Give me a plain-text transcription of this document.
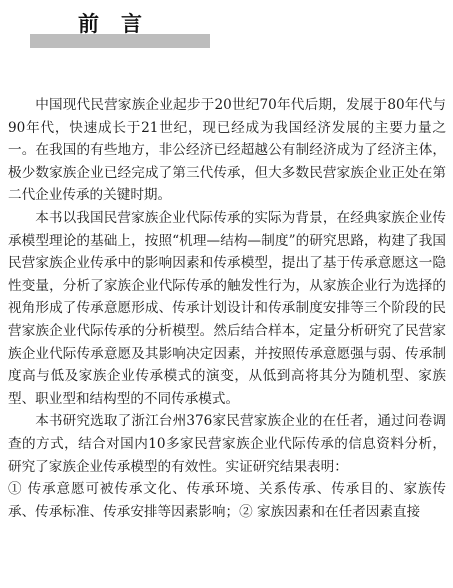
前言

中国现代民营家族企业起步于20世纪70年代后期，发展于80年代与90年代，快速成长于21世纪，现已经成为我国经济发展的主要力量之一。在我国的有些地方，非公经济已经超越公有制经济成为了经济主体，极少数家族企业已经完成了第三代传承，但大多数民营家族企业正处在第二代企业传承的关键时期。

本书以我国民营家族企业代际传承的实际为背景，在经典家族企业传承模型理论的基础上，按照“机理—结构—制度”的研究思路，构建了我国民营家族企业传承中的影响因素和传承模型，提出了基于传承意愿这一隐性变量，分析了家族企业代际传承的触发性行为，从家族企业行为选择的视角形成了传承意愿形成、传承计划设计和传承制度安排等三个阶段的民营家族企业代际传承的分析模型。然后结合样本，定量分析研究了民营家族企业代际传承意愿及其影响决定因素，并按照传承意愿强与弱、传承制度高与低及家族企业传承模式的演变，从低到高将其分为随机型、家族型、职业型和结构型的不同传承模式。

本书研究选取了浙江台州376家民营家族企业的在任者，通过问卷调查的方式，结合对国内10多家民营家族企业代际传承的信息资料分析，研究了家族企业传承模型的有效性。实证研究结果表明：

① 传承意愿可被传承文化、传承环境、关系传承、传承目的、家族传承、传承标准、传承安排等因素影响；② 家族因素和在任者因素直接
